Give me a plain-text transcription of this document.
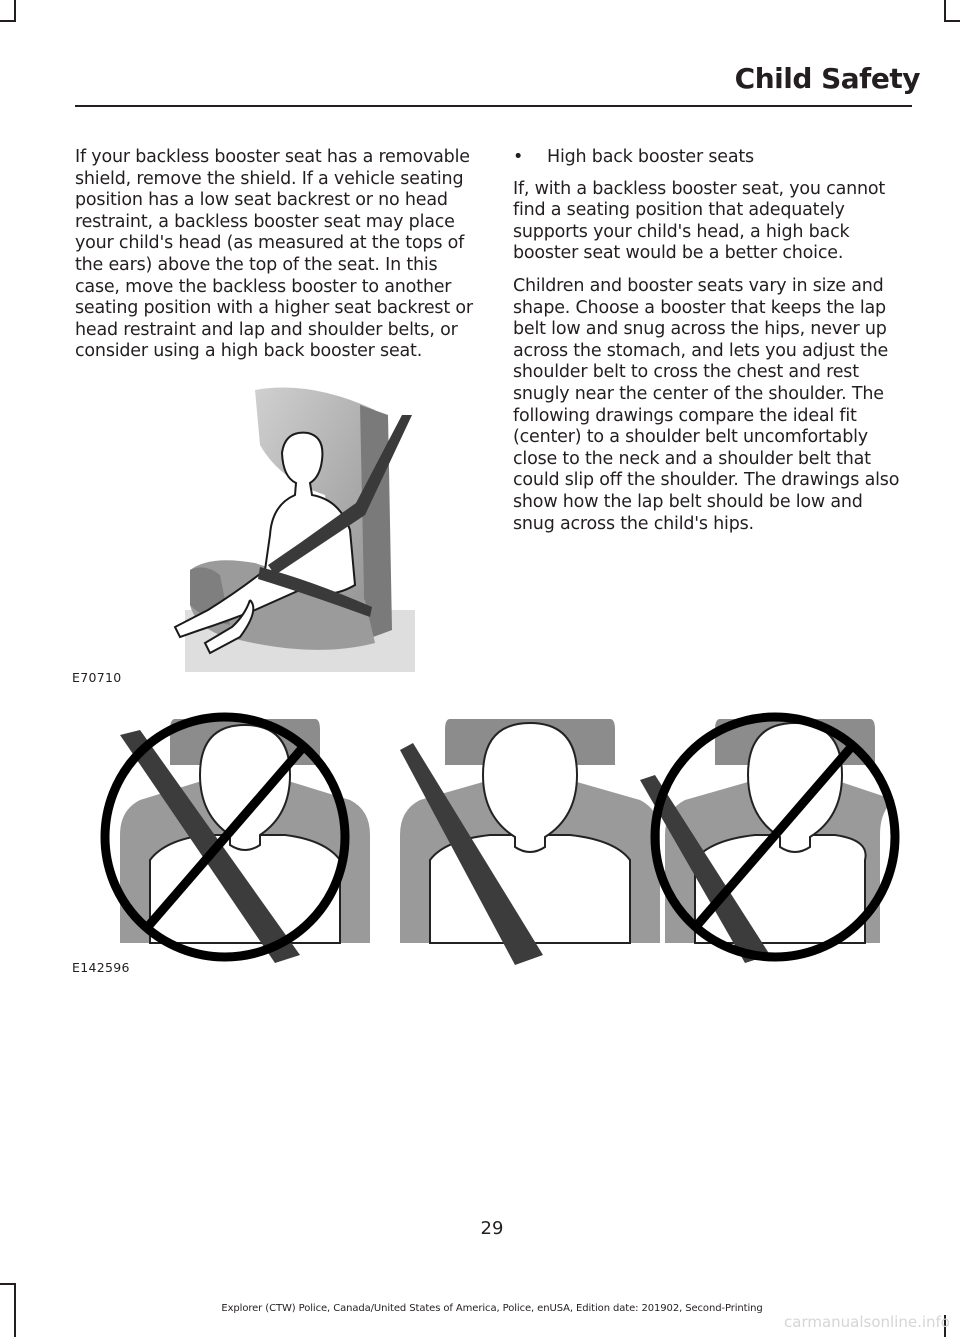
Child Safety

If your backless booster seat has a removable shield, remove the shield. If a vehicle seating position has a low seat backrest or no head restraint, a backless booster seat may place your child's head (as measured at the tops of the ears) above the top of the seat. In this case, move the backless booster to another seating position with a higher seat backrest or head restraint and lap and shoulder belts, or consider using a high back booster seat.

•	High back booster seats

If, with a backless booster seat, you cannot find a seating position that adequately supports your child's head, a high back booster seat would be a better choice.

Children and booster seats vary in size and shape. Choose a booster that keeps the lap belt low and snug across the hips, never up across the stomach, and lets you adjust the shoulder belt to cross the chest and rest snugly near the center of the shoulder. The following drawings compare the ideal fit (center) to a shoulder belt uncomfortably close to the neck and a shoulder belt that could slip off the shoulder. The drawings also show how the lap belt should be low and snug across the child's hips.

E70710
E142596
29
Explorer (CTW) Police, Canada/United States of America, Police, enUSA, Edition date: 201902, Second-Printing
carmanualsonline.info
